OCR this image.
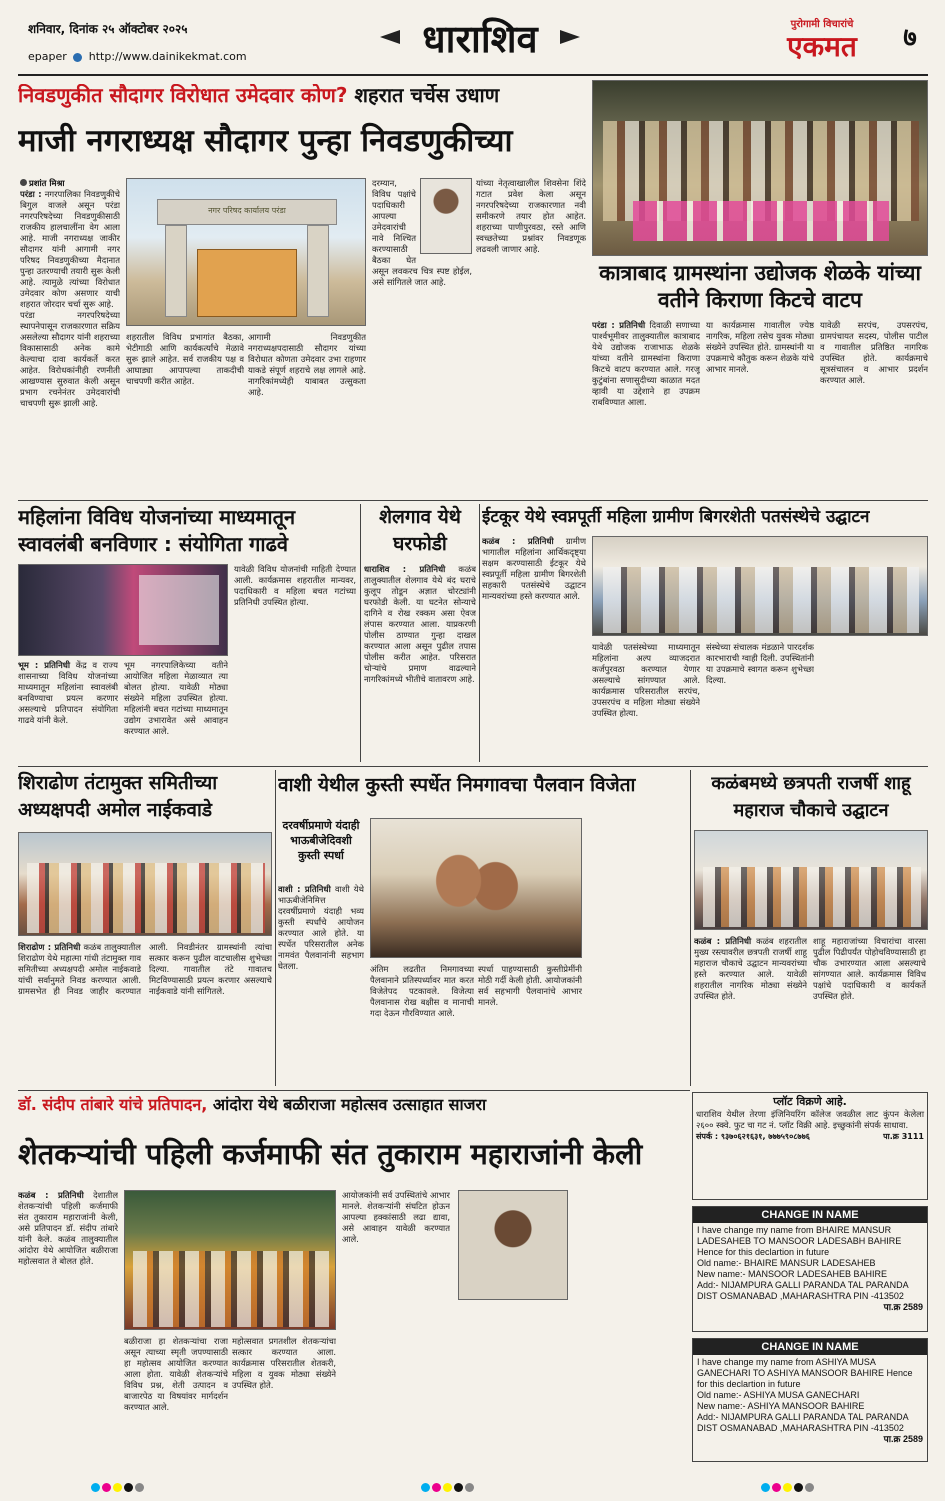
शनिवार, दिनांक २५ ऑक्टोबर २०२५
epaper http://www.dainikekmat.com	धाराशिव	पुरोगामी विचारांचे
एकमत	७
निवडणुकीत सौदागर विरोधात उमेदवार कोण? शहरात चर्चेस उधाण
माजी नगराध्यक्ष सौदागर पुन्हा निवडणुकीच्या
प्रशांत मिश्रा
परंडा : नगरपालिका निवडणुकीचे बिगुल वाजले असून परंडा नगरपरिषदेच्या निवडणुकीसाठी राजकीय हालचालींना वेग आला आहे. माजी नगराध्यक्ष जाकीर सौदागर यांनी आगामी नगर परिषद निवडणुकीच्या मैदानात पुन्हा उतरण्याची तयारी सुरू केली आहे. त्यामुळे त्यांच्या विरोधात उमेदवार कोण असणार याची शहरात जोरदार चर्चा सुरू आहे.
परंडा नगरपरिषदेच्या स्थापनेपासून राजकारणात सक्रिय असलेल्या सौदागर यांनी शहराच्या विकासासाठी अनेक कामे केल्याचा दावा कार्यकर्ते करत आहेत. विरोधकांनीही रणनीती आखण्यास सुरुवात केली असून प्रभाग रचनेनंतर उमेदवारांची चाचपणी सुरू झाली आहे.
नगर परिषद कार्यालय परंडा
शहरातील विविध प्रभागांत बैठका, भेटीगाठी आणि कार्यकर्त्यांचे मेळावे सुरू झाले आहेत. सर्व राजकीय पक्ष व आघाड्या आपापल्या ताकदीची चाचपणी करीत आहेत.
आगामी निवडणुकीत नगराध्यक्षपदासाठी सौदागर यांच्या विरोधात कोणता उमेदवार उभा राहणार याकडे संपूर्ण शहराचे लक्ष लागले आहे. नागरिकांमध्येही याबाबत उत्सुकता आहे.
दरम्यान, विविध पक्षांचे पदाधिकारी आपल्या उमेदवारांची नावे निश्चित करण्यासाठी बैठका घेत असून लवकरच चित्र स्पष्ट होईल, असे सांगितले जात आहे.
यांच्या नेतृत्वाखालील शिवसेना शिंदे गटात प्रवेश केला असून नगरपरिषदेच्या राजकारणात नवी समीकरणे तयार होत आहेत. शहराच्या पाणीपुरवठा, रस्ते आणि स्वच्छतेच्या प्रश्नांवर निवडणूक लढवली जाणार आहे.
परंडा : प्रतिनिधी दिवाळी सणाच्या पार्श्वभूमीवर तालुक्यातील कात्राबाद येथे उद्योजक राजाभाऊ शेळके यांच्या वतीने ग्रामस्थांना किराणा किटचे वाटप करण्यात आले. गरजू कुटुंबांना सणासुदीच्या काळात मदत व्हावी या उद्देशाने हा उपक्रम राबविण्यात आला.
या कार्यक्रमास गावातील ज्येष्ठ नागरिक, महिला तसेच युवक मोठ्या संख्येने उपस्थित होते. ग्रामस्थांनी या उपक्रमाचे कौतुक करून शेळके यांचे आभार मानले.
यावेळी सरपंच, उपसरपंच, ग्रामपंचायत सदस्य, पोलीस पाटील व गावातील प्रतिष्ठित नागरिक उपस्थित होते. कार्यक्रमाचे सूत्रसंचालन व आभार प्रदर्शन करण्यात आले.
कात्राबाद ग्रामस्थांना उद्योजक शेळके यांच्या वतीने किराणा किटचे वाटप
महिलांना विविध योजनांच्या माध्यमातून स्वावलंबी बनविणार : संयोगिता गाढवे
भूम : प्रतिनिधी केंद्र व राज्य शासनाच्या विविध योजनांच्या माध्यमातून महिलांना स्वावलंबी बनविण्याचा प्रयत्न करणार असल्याचे प्रतिपादन संयोगिता गाढवे यांनी केले.
भूम नगरपालिकेच्या वतीने आयोजित महिला मेळाव्यात त्या बोलत होत्या. यावेळी मोठ्या संख्येने महिला उपस्थित होत्या. महिलांनी बचत गटांच्या माध्यमातून उद्योग उभारावेत असे आवाहन करण्यात आले.
यावेळी विविध योजनांची माहिती देण्यात आली. कार्यक्रमास शहरातील मान्यवर, पदाधिकारी व महिला बचत गटांच्या प्रतिनिधी उपस्थित होत्या.
शेलगाव येथे घरफोडी
धाराशिव : प्रतिनिधी कळंब तालुक्यातील शेलगाव येथे बंद घराचे कुलूप तोडून अज्ञात चोरट्यांनी घरफोडी केली. या घटनेत सोन्याचे दागिने व रोख रक्कम असा ऐवज लंपास करण्यात आला. याप्रकरणी पोलीस ठाण्यात गुन्हा दाखल करण्यात आला असून पुढील तपास पोलीस करीत आहेत. परिसरात चोऱ्यांचे प्रमाण वाढल्याने नागरिकांमध्ये भीतीचे वातावरण आहे.
ईटकूर येथे स्वप्नपूर्ती महिला ग्रामीण बिगरशेती पतसंस्थेचे उद्घाटन
कळंब : प्रतिनिधी ग्रामीण भागातील महिलांना आर्थिकदृष्ट्या सक्षम करण्यासाठी ईटकूर येथे स्वप्नपूर्ती महिला ग्रामीण बिगरशेती सहकारी पतसंस्थेचे उद्घाटन मान्यवरांच्या हस्ते करण्यात आले.
यावेळी पतसंस्थेच्या माध्यमातून महिलांना अल्प व्याजदरात कर्जपुरवठा करण्यात येणार असल्याचे सांगण्यात आले. कार्यक्रमास परिसरातील सरपंच, उपसरपंच व महिला मोठ्या संख्येने उपस्थित होत्या.
संस्थेच्या संचालक मंडळाने पारदर्शक कारभाराची ग्वाही दिली. उपस्थितांनी या उपक्रमाचे स्वागत करून शुभेच्छा दिल्या.
शिराढोण तंटामुक्त समितीच्या अध्यक्षपदी अमोल नाईकवाडे
शिराढोण : प्रतिनिधी कळंब तालुक्यातील शिराढोण येथे महात्मा गांधी तंटामुक्त गाव समितीच्या अध्यक्षपदी अमोल नाईकवाडे यांची सर्वानुमते निवड करण्यात आली. ग्रामसभेत ही निवड जाहीर करण्यात आली. निवडीनंतर ग्रामस्थांनी त्यांचा सत्कार करून पुढील वाटचालीस शुभेच्छा दिल्या. गावातील तंटे गावातच मिटविण्यासाठी प्रयत्न करणार असल्याचे नाईकवाडे यांनी सांगितले.
वाशी येथील कुस्ती स्पर्धेत निमगावचा पैलवान विजेता
दरवर्षीप्रमाणे यंदाही भाऊबीजेदिवशी कुस्ती स्पर्धा
वाशी : प्रतिनिधी वाशी येथे भाऊबीजेनिमित्त दरवर्षीप्रमाणे यंदाही भव्य कुस्ती स्पर्धांचे आयोजन करण्यात आले होते. या स्पर्धेत परिसरातील अनेक नामवंत पैलवानांनी सहभाग घेतला.	अंतिम लढतीत निमगावच्या पैलवानाने प्रतिस्पर्ध्यावर मात करत विजेतेपद पटकावले. विजेत्या पैलवानास रोख बक्षीस व मानाची गदा देऊन गौरविण्यात आले.
स्पर्धा पाहण्यासाठी कुस्तीप्रेमींनी मोठी गर्दी केली होती. आयोजकांनी सर्व सहभागी पैलवानांचे आभार मानले.
कळंबमध्ये छत्रपती राजर्षी शाहू महाराज चौकाचे उद्घाटन
कळंब : प्रतिनिधी कळंब शहरातील मुख्य रस्त्यावरील छत्रपती राजर्षी शाहू महाराज चौकाचे उद्घाटन मान्यवरांच्या हस्ते करण्यात आले. यावेळी शहरातील नागरिक मोठ्या संख्येने उपस्थित होते.
शाहू महाराजांच्या विचारांचा वारसा पुढील पिढीपर्यंत पोहोचविण्यासाठी हा चौक उभारण्यात आला असल्याचे सांगण्यात आले. कार्यक्रमास विविध पक्षांचे पदाधिकारी व कार्यकर्ते उपस्थित होते.
डॉ. संदीप तांबारे यांचे प्रतिपादन, आंदोरा येथे बळीराजा महोत्सव उत्साहात साजरा
शेतकऱ्यांची पहिली कर्जमाफी संत तुकाराम महाराजांनी केली
कळंब : प्रतिनिधी देशातील शेतकऱ्यांची पहिली कर्जमाफी संत तुकाराम महाराजांनी केली, असे प्रतिपादन डॉ. संदीप तांबारे यांनी केले. कळंब तालुक्यातील आंदोरा येथे आयोजित बळीराजा महोत्सवात ते बोलत होते.
बळीराजा हा शेतकऱ्यांचा राजा असून त्याच्या स्मृती जपण्यासाठी हा महोत्सव आयोजित करण्यात आला होता. यावेळी शेतकऱ्यांचे विविध प्रश्न, शेती उत्पादन व बाजारपेठ या विषयांवर मार्गदर्शन करण्यात आले.
महोत्सवात प्रगतशील शेतकऱ्यांचा सत्कार करण्यात आला. कार्यक्रमास परिसरातील शेतकरी, महिला व युवक मोठ्या संख्येने उपस्थित होते.
आयोजकांनी सर्व उपस्थितांचे आभार मानले. शेतकऱ्यांनी संघटित होऊन आपल्या हक्कांसाठी लढा द्यावा, असे आवाहन यावेळी करण्यात आले.
प्लॉट विक्रणे आहे.
धाराशिव येथील तेरणा इंजिनियरिंग कॉलेज जवळील लाट कुंपन केलेला २६०० स्क्वे. फुट चा गट नं. प्लॉट विक्री आहे. इच्छुकांनी संपर्क साधावा.
संपर्क : ९३७०६२१६३१, ७७७५९०८७७६	पा.क्र 3111
CHANGE IN NAME
I have change my name from BHAIRE MANSUR LADESAHEB TO MANSOOR LADESABH BAHIRE Hence for this declartion in future
Old name:- BHAIRE MANSUR LADESAHEB
New name:- MANSOOR LADESAHEB BAHIRE
Add:- NIJAMPURA GALLI PARANDA TAL PARANDA DIST OSMANABAD ,MAHARASHTRA PIN -413502
पा.क्र 2589
CHANGE IN NAME
I have change my name from ASHIYA MUSA GANECHARI TO ASHIYA MANSOOR BAHIRE Hence for this declartion in future
Old name:- ASHIYA MUSA GANECHARI
New name:- ASHIYA MANSOOR BAHIRE
Add:- NIJAMPURA GALLI PARANDA TAL PARANDA DIST OSMANABAD ,MAHARASHTRA PIN -413502
पा.क्र 2589
